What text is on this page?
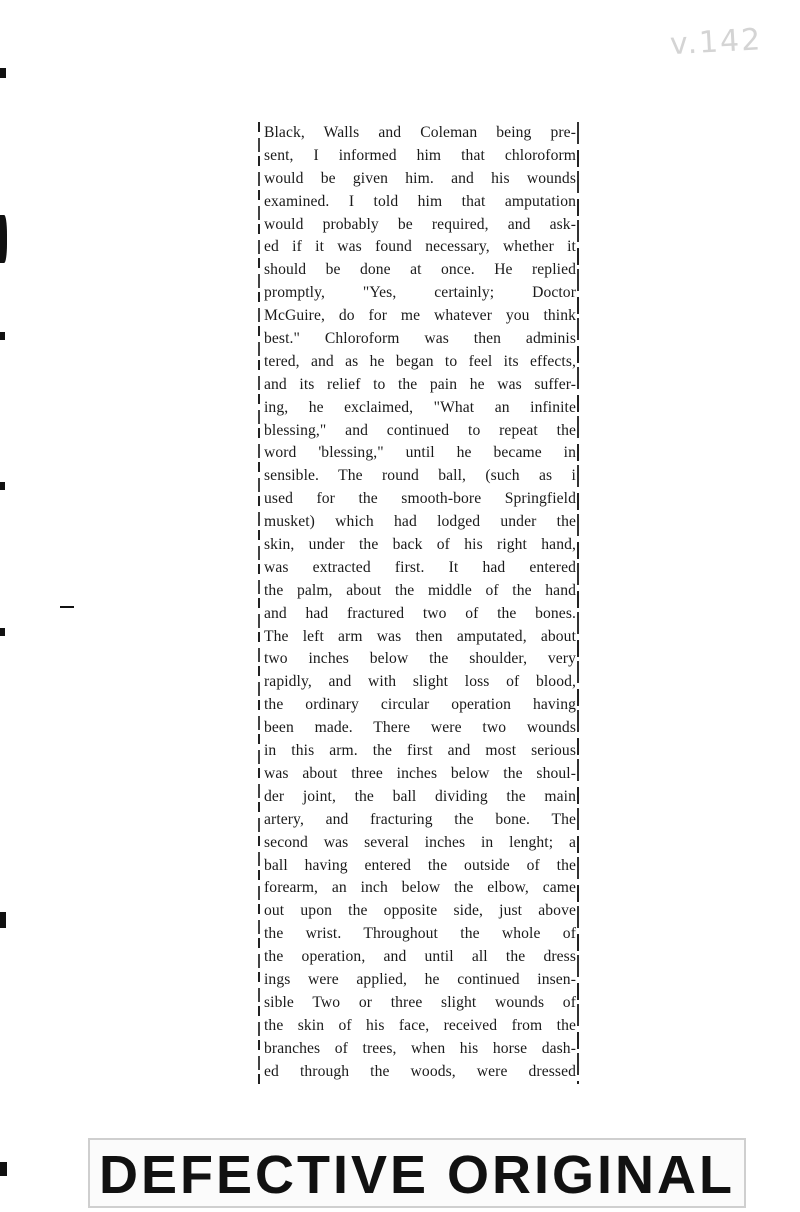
v.142
Black, Walls and Coleman being pre-
sent, I informed him that chloroform
would be given him. and his wounds
examined. I told him that amputation
would probably be required, and ask-
ed if it was found necessary, whether it
should be done at once. He replied
promptly, "Yes, certainly; Doctor
McGuire, do for me whatever you think
best." Chloroform was then adminis
tered, and as he began to feel its effects,
and its relief to the pain he was suffer-
ing, he exclaimed, "What an infinite
blessing," and continued to repeat the
word 'blessing," until he became in
sensible. The round ball, (such as i
used for the smooth-bore Springfield
musket) which had lodged under the
skin, under the back of his right hand,
was extracted first. It had entered
the palm, about the middle of the hand
and had fractured two of the bones.
The left arm was then amputated, about
two inches below the shoulder, very
rapidly, and with slight loss of blood,
the ordinary circular operation having
been made. There were two wounds
in this arm. the first and most serious
was about three inches below the shoul-
der joint, the ball dividing the main
artery, and fracturing the bone. The
second was several inches in lenght; a
ball having entered the outside of the
forearm, an inch below the elbow, came
out upon the opposite side, just above
the wrist. Throughout the whole of
the operation, and until all the dress
ings were applied, he continued insen-
sible Two or three slight wounds of
the skin of his face, received from the
branches of trees, when his horse dash-
ed through the woods, were dressed
DEFECTIVE ORIGINAL
